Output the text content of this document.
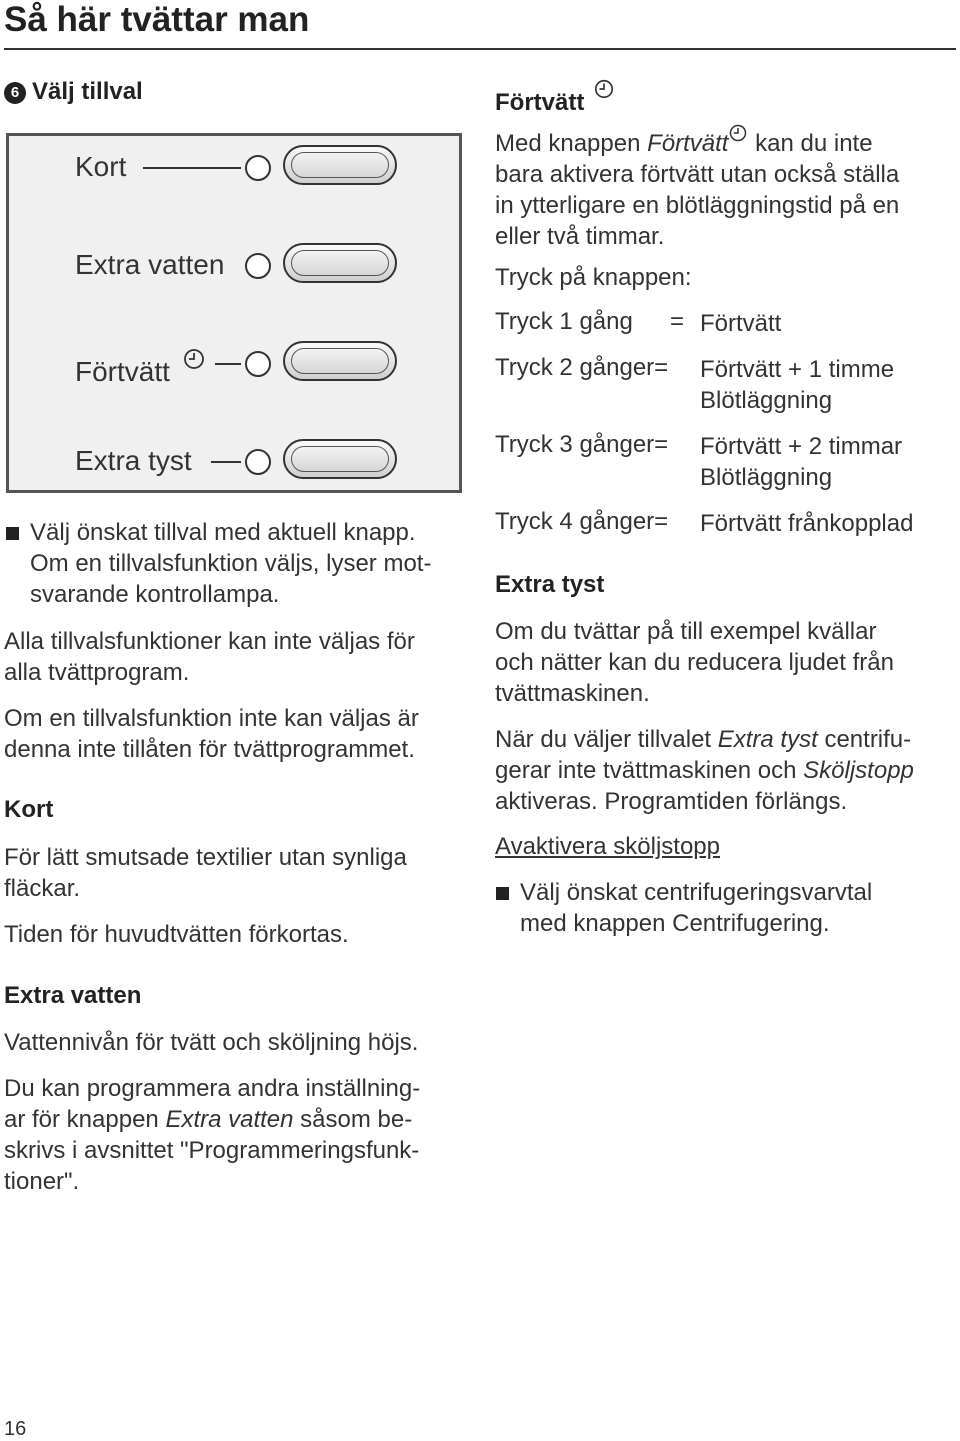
Så här tvättar man
6 Välj tillval
Kort
Extra vatten
Förtvätt
Extra tyst

Välj önskat tillval med aktuell knapp.

Om en tillvalsfunktion väljs, lyser mot-

svarande kontrollampa.

Alla tillvalsfunktioner kan inte väljas för

alla tvättprogram.

Om en tillvalsfunktion inte kan väljas är

denna inte tillåten för tvättprogrammet.

Kort

För lätt smutsade textilier utan synliga

fläckar.

Tiden för huvudtvätten förkortas.

Extra vatten

Vattennivån för tvätt och sköljning höjs.

Du kan programmera andra inställning-

ar för knappen Extra vatten såsom be-

skrivs i avsnittet "Programmeringsfunk-

tioner".

Förtvätt

Med knappen Förtvätt kan du inte

bara aktivera förtvätt utan också ställa

in ytterligare en blötläggningstid på en

eller två timmar.

Tryck på knappen:
Tryck 1 gång = Förtvätt
Tryck 2 gånger= Förtvätt + 1 timme
Blötläggning
Tryck 3 gånger= Förtvätt + 2 timmar
Blötläggning
Tryck 4 gånger= Förtvätt frånkopplad
Extra tyst

Om du tvättar på till exempel kvällar

och nätter kan du reducera ljudet från

tvättmaskinen.

När du väljer tillvalet Extra tyst centrifu-

gerar inte tvättmaskinen och Sköljstopp

aktiveras. Programtiden förlängs.

Avaktivera sköljstopp

Välj önskat centrifugeringsvarvtal

med knappen Centrifugering.

16
